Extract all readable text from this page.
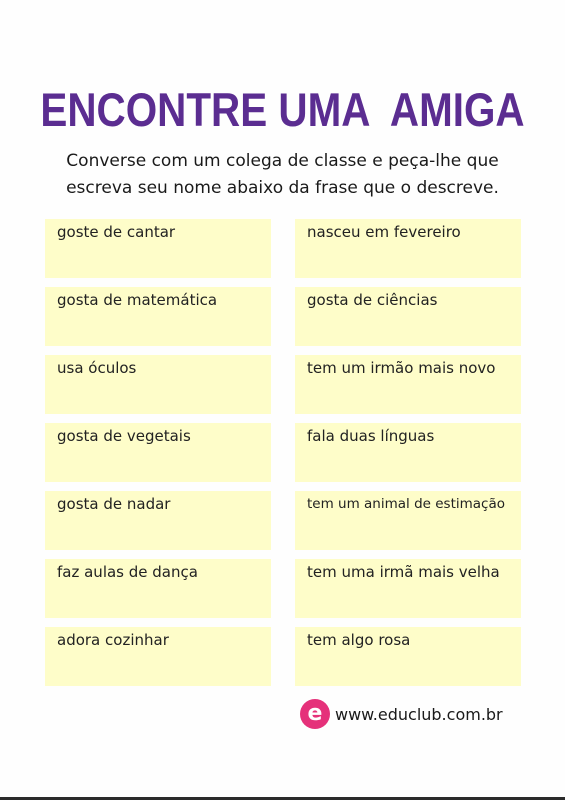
ENCONTRE UMA  AMIGA
Converse com um colega de classe e peça-lhe que
escreva seu nome abaixo da frase que o descreve.
goste de cantar	nasceu em fevereiro
gosta de matemática	gosta de ciências
usa óculos	tem um irmão mais novo
gosta de vegetais	fala duas línguas
gosta de nadar	tem um animal de estimação
faz aulas de dança	tem uma irmã mais velha
adora cozinhar	tem algo rosa
e www.educlub.com.br
